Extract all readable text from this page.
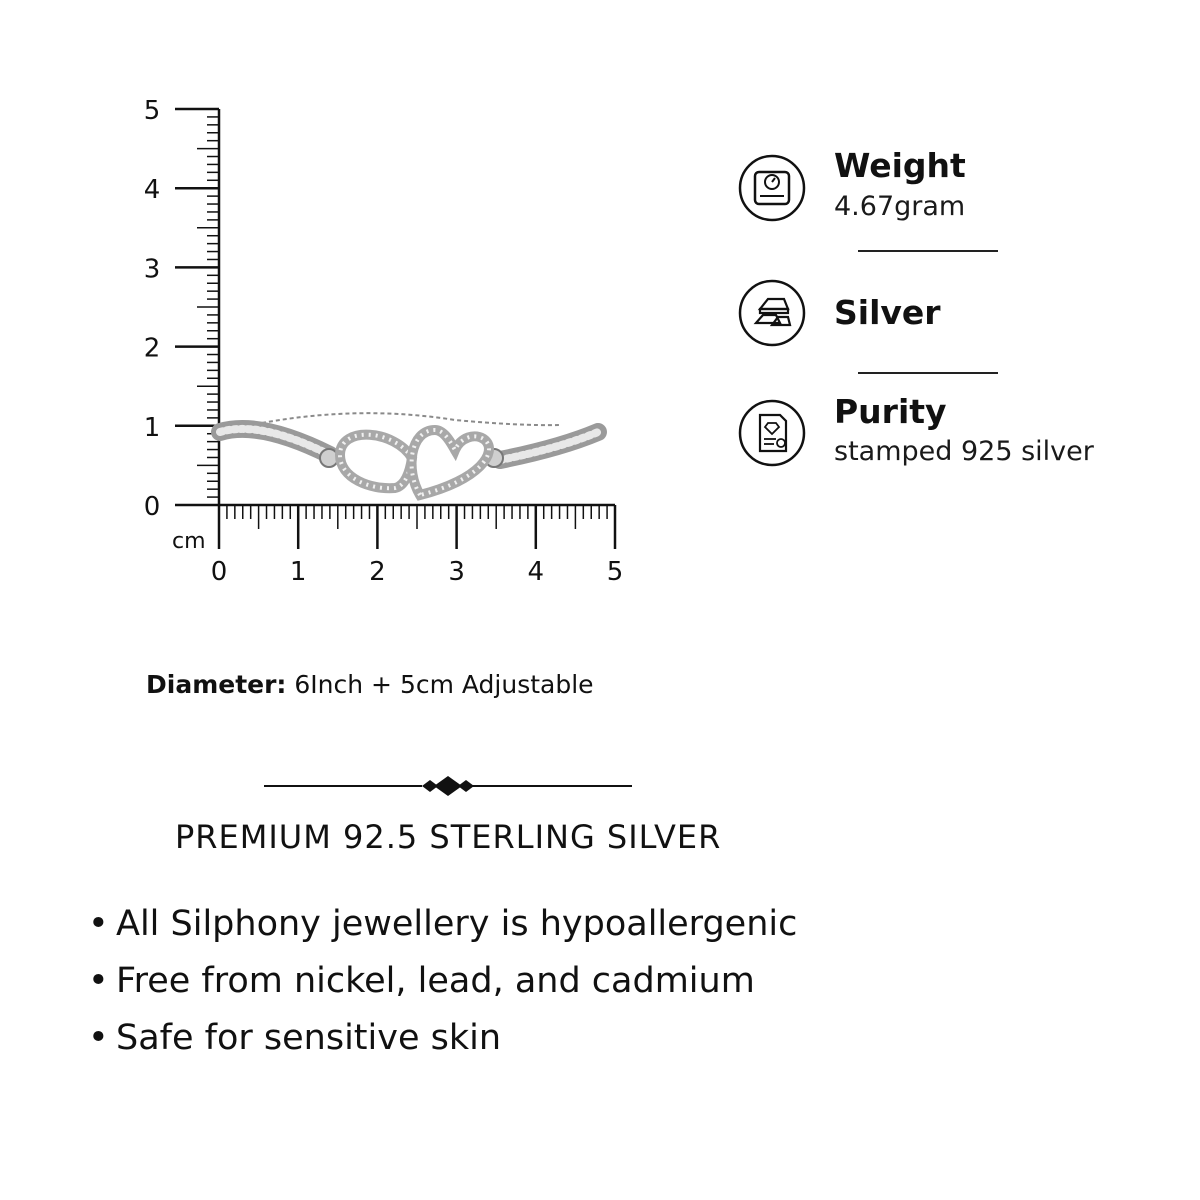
0
1
2
3
4
5
0 1 2 3 4 5
cm
Weight
4.67gram
Silver
Purity
stamped 925 silver
Diameter: 6Inch + 5cm Adjustable
PREMIUM 92.5 STERLING SILVER
• All Silphony jewellery is hypoallergenic
• Free from nickel, lead, and cadmium
• Safe for sensitive skin
